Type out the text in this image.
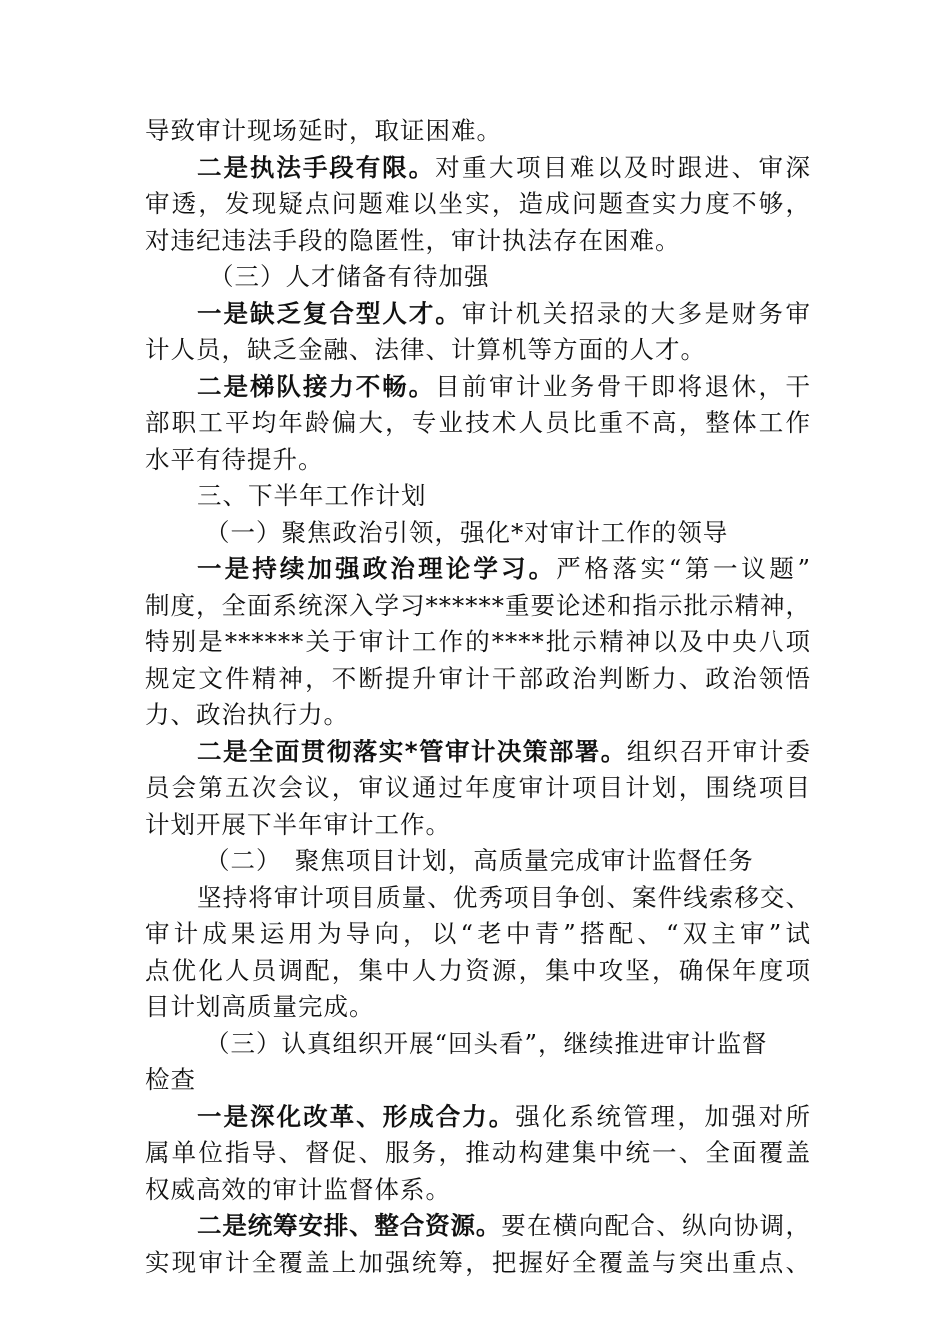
导致审计现场延时，取证困难。
二是执法手段有限。对重大项目难以及时跟进、审深
审透，发现疑点问题难以坐实，造成问题查实力度不够，
对违纪违法手段的隐匿性，审计执法存在困难。
（三）人才储备有待加强
一是缺乏复合型人才。审计机关招录的大多是财务审
计人员，缺乏金融、法律、计算机等方面的人才。
二是梯队接力不畅。目前审计业务骨干即将退休，干
部职工平均年龄偏大，专业技术人员比重不高，整体工作
水平有待提升。
三、下半年工作计划
（一）聚焦政治引领，强化*对审计工作的领导
一是持续加强政治理论学习。严格落实“第一议题”
制度，全面系统深入学习******重要论述和指示批示精神，
特别是******关于审计工作的****批示精神以及中央八项
规定文件精神，不断提升审计干部政治判断力、政治领悟
力、政治执行力。
二是全面贯彻落实*管审计决策部署。组织召开审计委
员会第五次会议，审议通过年度审计项目计划，围绕项目
计划开展下半年审计工作。
（二）　聚焦项目计划，高质量完成审计监督任务
坚持将审计项目质量、优秀项目争创、案件线索移交、
审计成果运用为导向，以“老中青”搭配、“双主审”试
点优化人员调配，集中人力资源，集中攻坚，确保年度项
目计划高质量完成。
（三）认真组织开展“回头看”，继续推进审计监督
检查
一是深化改革、形成合力。强化系统管理，加强对所
属单位指导、督促、服务，推动构建集中统一、全面覆盖
权威高效的审计监督体系。
二是统筹安排、整合资源。要在横向配合、纵向协调，
实现审计全覆盖上加强统筹，把握好全覆盖与突出重点、
